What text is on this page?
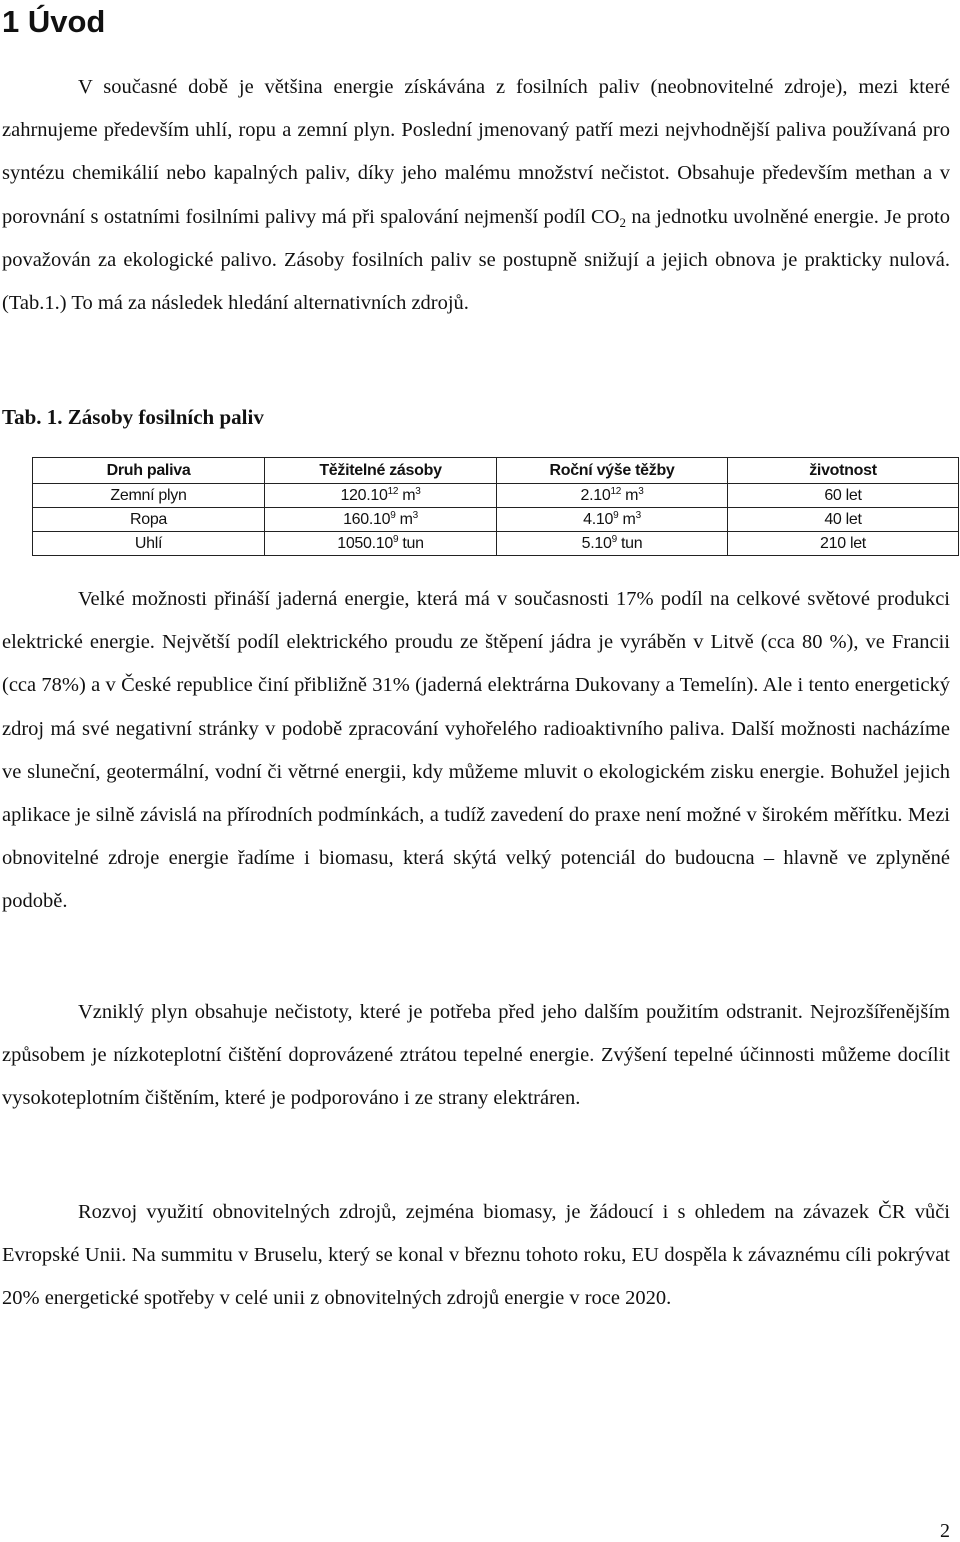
1 Úvod

V současné době je většina energie získávána z fosilních paliv (neobnovitelné zdroje), mezi které zahrnujeme především uhlí, ropu a zemní plyn. Poslední jmenovaný patří mezi nejvhodnější paliva používaná pro syntézu chemikálií nebo kapalných paliv, díky jeho malému množství nečistot. Obsahuje především methan a v porovnání s ostatními fosilními palivy má při spalování nejmenší podíl $CO_2$ na jednotku uvolněné energie. Je proto považován za ekologické palivo. Zásoby fosilních paliv se postupně snižují a jejich obnova je prakticky nulová. (Tab.1.) To má za následek hledání alternativních zdrojů.

Tab. 1. Zásoby fosilních paliv

Druh paliva	Těžitelné zásoby	Roční výše těžby	životnost
Zemní plyn	120.10$^{12}$ $m^3$	2.10$^{12}$ $m^3$	60 let
Ropa	160.10$^9$ $m^3$	4.10$^9$ $m^3$	40 let
Uhlí	1050.10$^9$ tun	5.10$^9$ tun	210 let

Velké možnosti přináší jaderná energie, která má v současnosti 17% podíl na celkové světové produkci elektrické energie. Největší podíl elektrického proudu ze štěpení jádra je vyráběn v Litvě (cca 80 %), ve Francii (cca 78%) a v České republice činí přibližně 31% (jaderná elektrárna Dukovany a Temelín). Ale i tento energetický zdroj má své negativní stránky v podobě zpracování vyhořelého radioaktivního paliva. Další možnosti nacházíme ve sluneční, geotermální, vodní či větrné energii, kdy můžeme mluvit o ekologickém zisku energie. Bohužel jejich aplikace je silně závislá na přírodních podmínkách, a tudíž zavedení do praxe není možné v širokém měřítku. Mezi obnovitelné zdroje energie řadíme i biomasu, která skýtá velký potenciál do budoucna – hlavně ve zplyněné podobě.

Vzniklý plyn obsahuje nečistoty, které je potřeba před jeho dalším použitím odstranit. Nejrozšířenějším způsobem je nízkoteplotní čištění doprovázené ztrátou tepelné energie. Zvýšení tepelné účinnosti můžeme docílit vysokoteplotním čištěním, které je podporováno i ze strany elektráren.

Rozvoj využití obnovitelných zdrojů, zejména biomasy, je žádoucí i s ohledem na závazek ČR vůči Evropské Unii. Na summitu v Bruselu, který se konal v březnu tohoto roku, EU dospěla k závaznému cíli pokrývat 20% energetické spotřeby v celé unii z obnovitelných zdrojů energie v roce 2020.

2
